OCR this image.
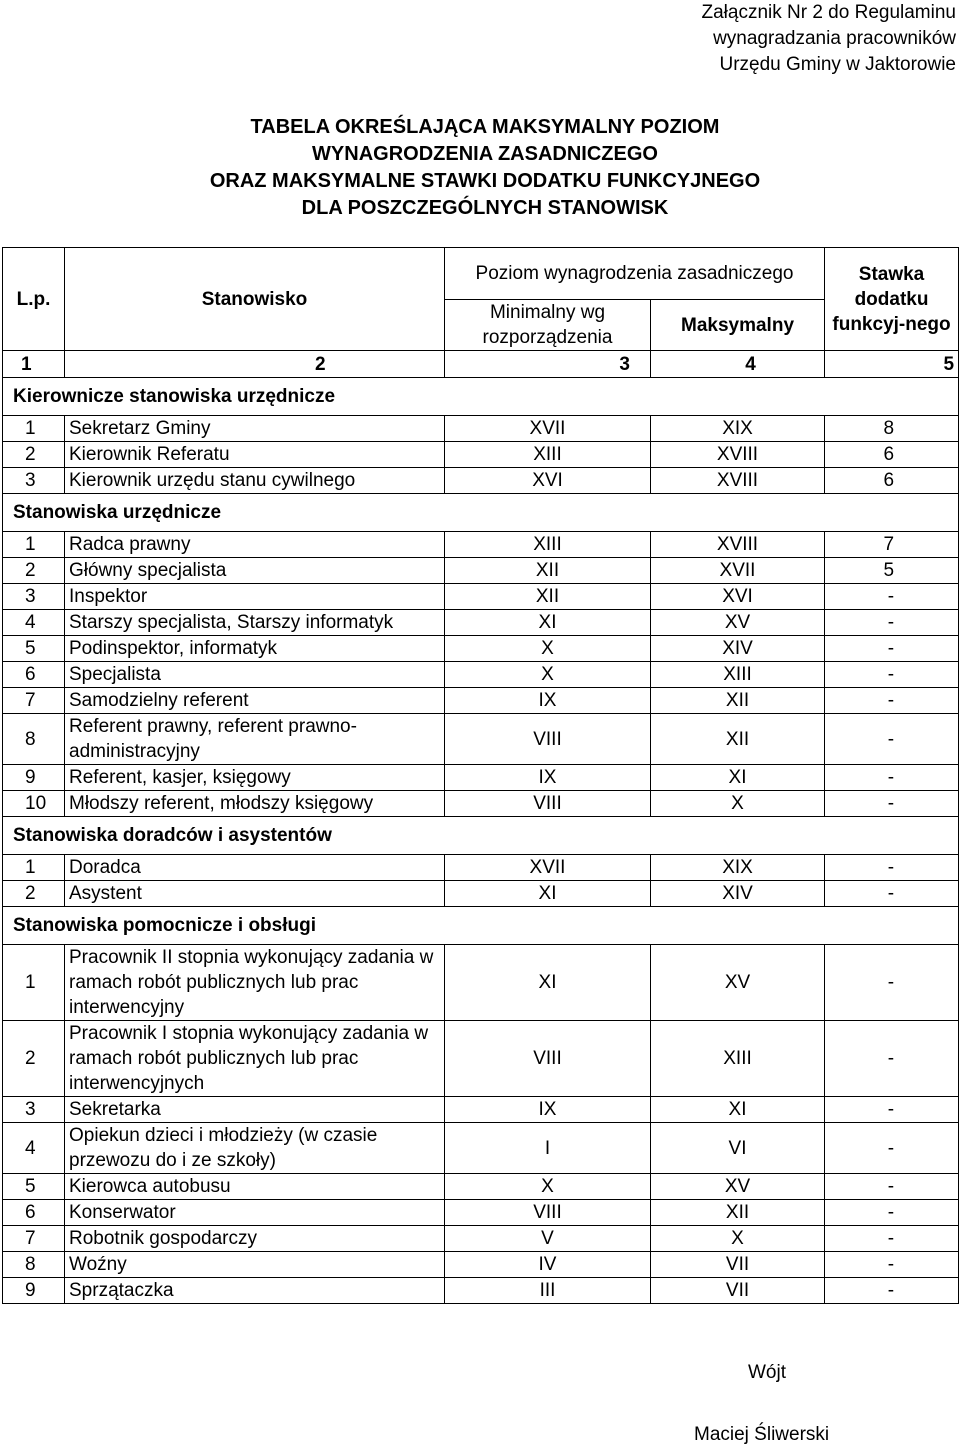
Załącznik Nr 2 do Regulaminu
wynagradzania pracowników
Urzędu Gminy w Jaktorowie
TABELA OKREŚLAJĄCA MAKSYMALNY POZIOM
WYNAGRODZENIA ZASADNICZEGO
ORAZ MAKSYMALNE STAWKI DODATKU FUNKCYJNEGO
DLA POSZCZEGÓLNYCH STANOWISK
L.p.	Stanowisko	Poziom wynagrodzenia zasadniczego		Stawka dodatku funkcyj-nego
		Minimalny wg rozporządzenia	Maksymalny	
1	2	3	4	5
Kierownicze stanowiska urzędnicze				
1	Sekretarz Gminy	XVII	XIX	8
2	Kierownik Referatu	XIII	XVIII	6
3	Kierownik urzędu stanu cywilnego	XVI	XVIII	6
Stanowiska urzędnicze				
1	Radca prawny	XIII	XVIII	7
2	Główny specjalista	XII	XVII	5
3	Inspektor	XII	XVI	-
4	Starszy specjalista, Starszy informatyk	XI	XV	-
5	Podinspektor, informatyk	X	XIV	-
6	Specjalista	X	XIII	-
7	Samodzielny referent	IX	XII	-
8	Referent prawny, referent prawno-administracyjny	VIII	XII	-
9	Referent, kasjer, księgowy	IX	XI	-
10	Młodszy referent, młodszy księgowy	VIII	X	-
Stanowiska doradców i asystentów				
1	Doradca	XVII	XIX	-
2	Asystent	XI	XIV	-
Stanowiska pomocnicze i obsługi				
1	Pracownik II stopnia wykonujący zadania w ramach robót publicznych lub prac interwencyjny	XI	XV	-
2	Pracownik I stopnia wykonujący zadania w ramach robót publicznych lub prac interwencyjnych	VIII	XIII	-
3	Sekretarka	IX	XI	-
4	Opiekun dzieci i młodzieży (w czasie przewozu do i ze szkoły)	I	VI	-
5	Kierowca autobusu	X	XV	-
6	Konserwator	VIII	XII	-
7	Robotnik gospodarczy	V	X	-
8	Woźny	IV	VII	-
9	Sprzątaczka	III	VII	-
Wójt
Maciej Śliwerski
